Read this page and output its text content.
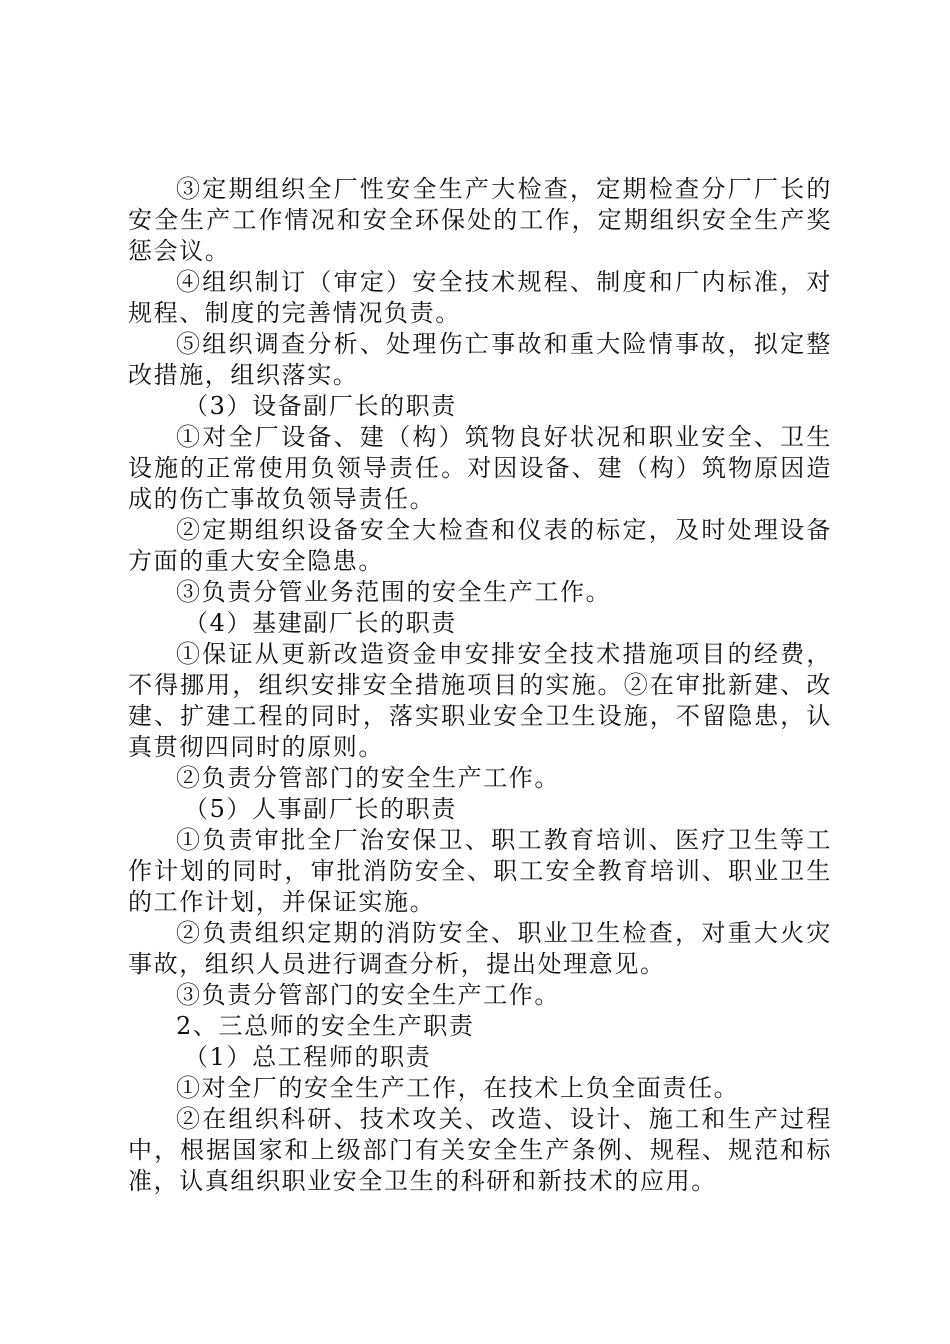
③定期组织全厂性安全生产大检查，定期检查分厂厂长的安全生产工作情况和安全环保处的工作，定期组织安全生产奖惩会议。

④组织制订（审定）安全技术规程、制度和厂内标准，对规程、制度的完善情况负责。

⑤组织调查分析、处理伤亡事故和重大险情事故，拟定整改措施，组织落实。

（3）设备副厂长的职责

①对全厂设备、建（构）筑物良好状况和职业安全、卫生设施的正常使用负领导责任。对因设备、建（构）筑物原因造成的伤亡事故负领导责任。

②定期组织设备安全大检查和仪表的标定，及时处理设备方面的重大安全隐患。

③负责分管业务范围的安全生产工作。

（4）基建副厂长的职责

①保证从更新改造资金申安排安全技术措施项目的经费，不得挪用，组织安排安全措施项目的实施。②在审批新建、改建、扩建工程的同时，落实职业安全卫生设施，不留隐患，认真贯彻四同时的原则。

②负责分管部门的安全生产工作。

（5）人事副厂长的职责

①负责审批全厂治安保卫、职工教育培训、医疗卫生等工作计划的同时，审批消防安全、职工安全教育培训、职业卫生的工作计划，并保证实施。

②负责组织定期的消防安全、职业卫生检查，对重大火灾事故，组织人员进行调查分析，提出处理意见。

③负责分管部门的安全生产工作。

2、三总师的安全生产职责

（1）总工程师的职责

①对全厂的安全生产工作，在技术上负全面责任。

②在组织科研、技术攻关、改造、设计、施工和生产过程中，根据国家和上级部门有关安全生产条例、规程、规范和标准，认真组织职业安全卫生的科研和新技术的应用。
